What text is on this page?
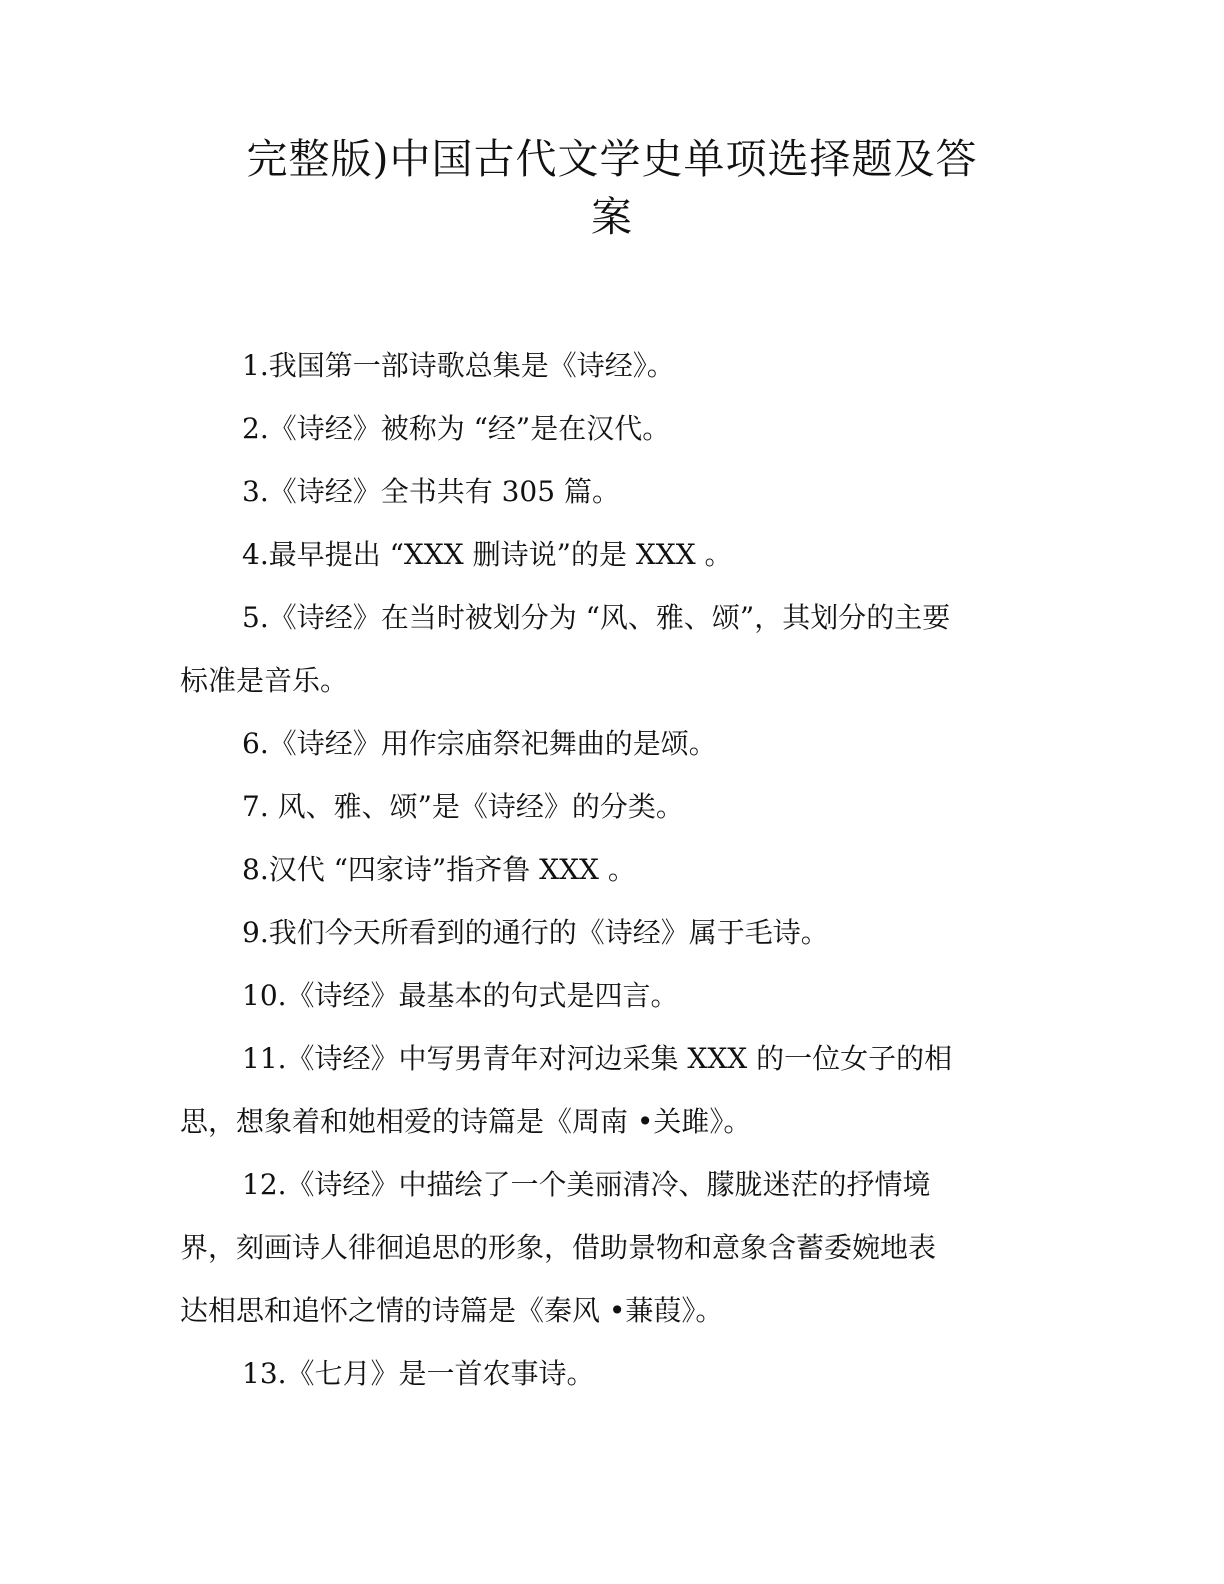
完整版)中国古代文学史单项选择题及答
案

1.我国第一部诗歌总集是《诗经》。

2.《诗经》被称为 “经”是在汉代。

3.《诗经》全书共有 305 篇。

4.最早提出 “XXX 删诗说”的是 XXX 。

5.《诗经》在当时被划分为 “风、雅、颂”，其划分的主要
标准是音乐。

6.《诗经》用作宗庙祭祀舞曲的是颂。

7. 风、雅、颂”是《诗经》的分类。

8.汉代 “四家诗”指齐鲁 XXX 。

9.我们今天所看到的通行的《诗经》属于毛诗。

10.《诗经》最基本的句式是四言。

11.《诗经》中写男青年对河边采集 XXX 的一位女子的相
思，想象着和她相爱的诗篇是《周南 •关雎》。

12.《诗经》中描绘了一个美丽清冷、朦胧迷茫的抒情境
界，刻画诗人徘徊追思的形象，借助景物和意象含蓄委婉地表
达相思和追怀之情的诗篇是《秦风 •蒹葭》。

13.《七月》是一首农事诗。
